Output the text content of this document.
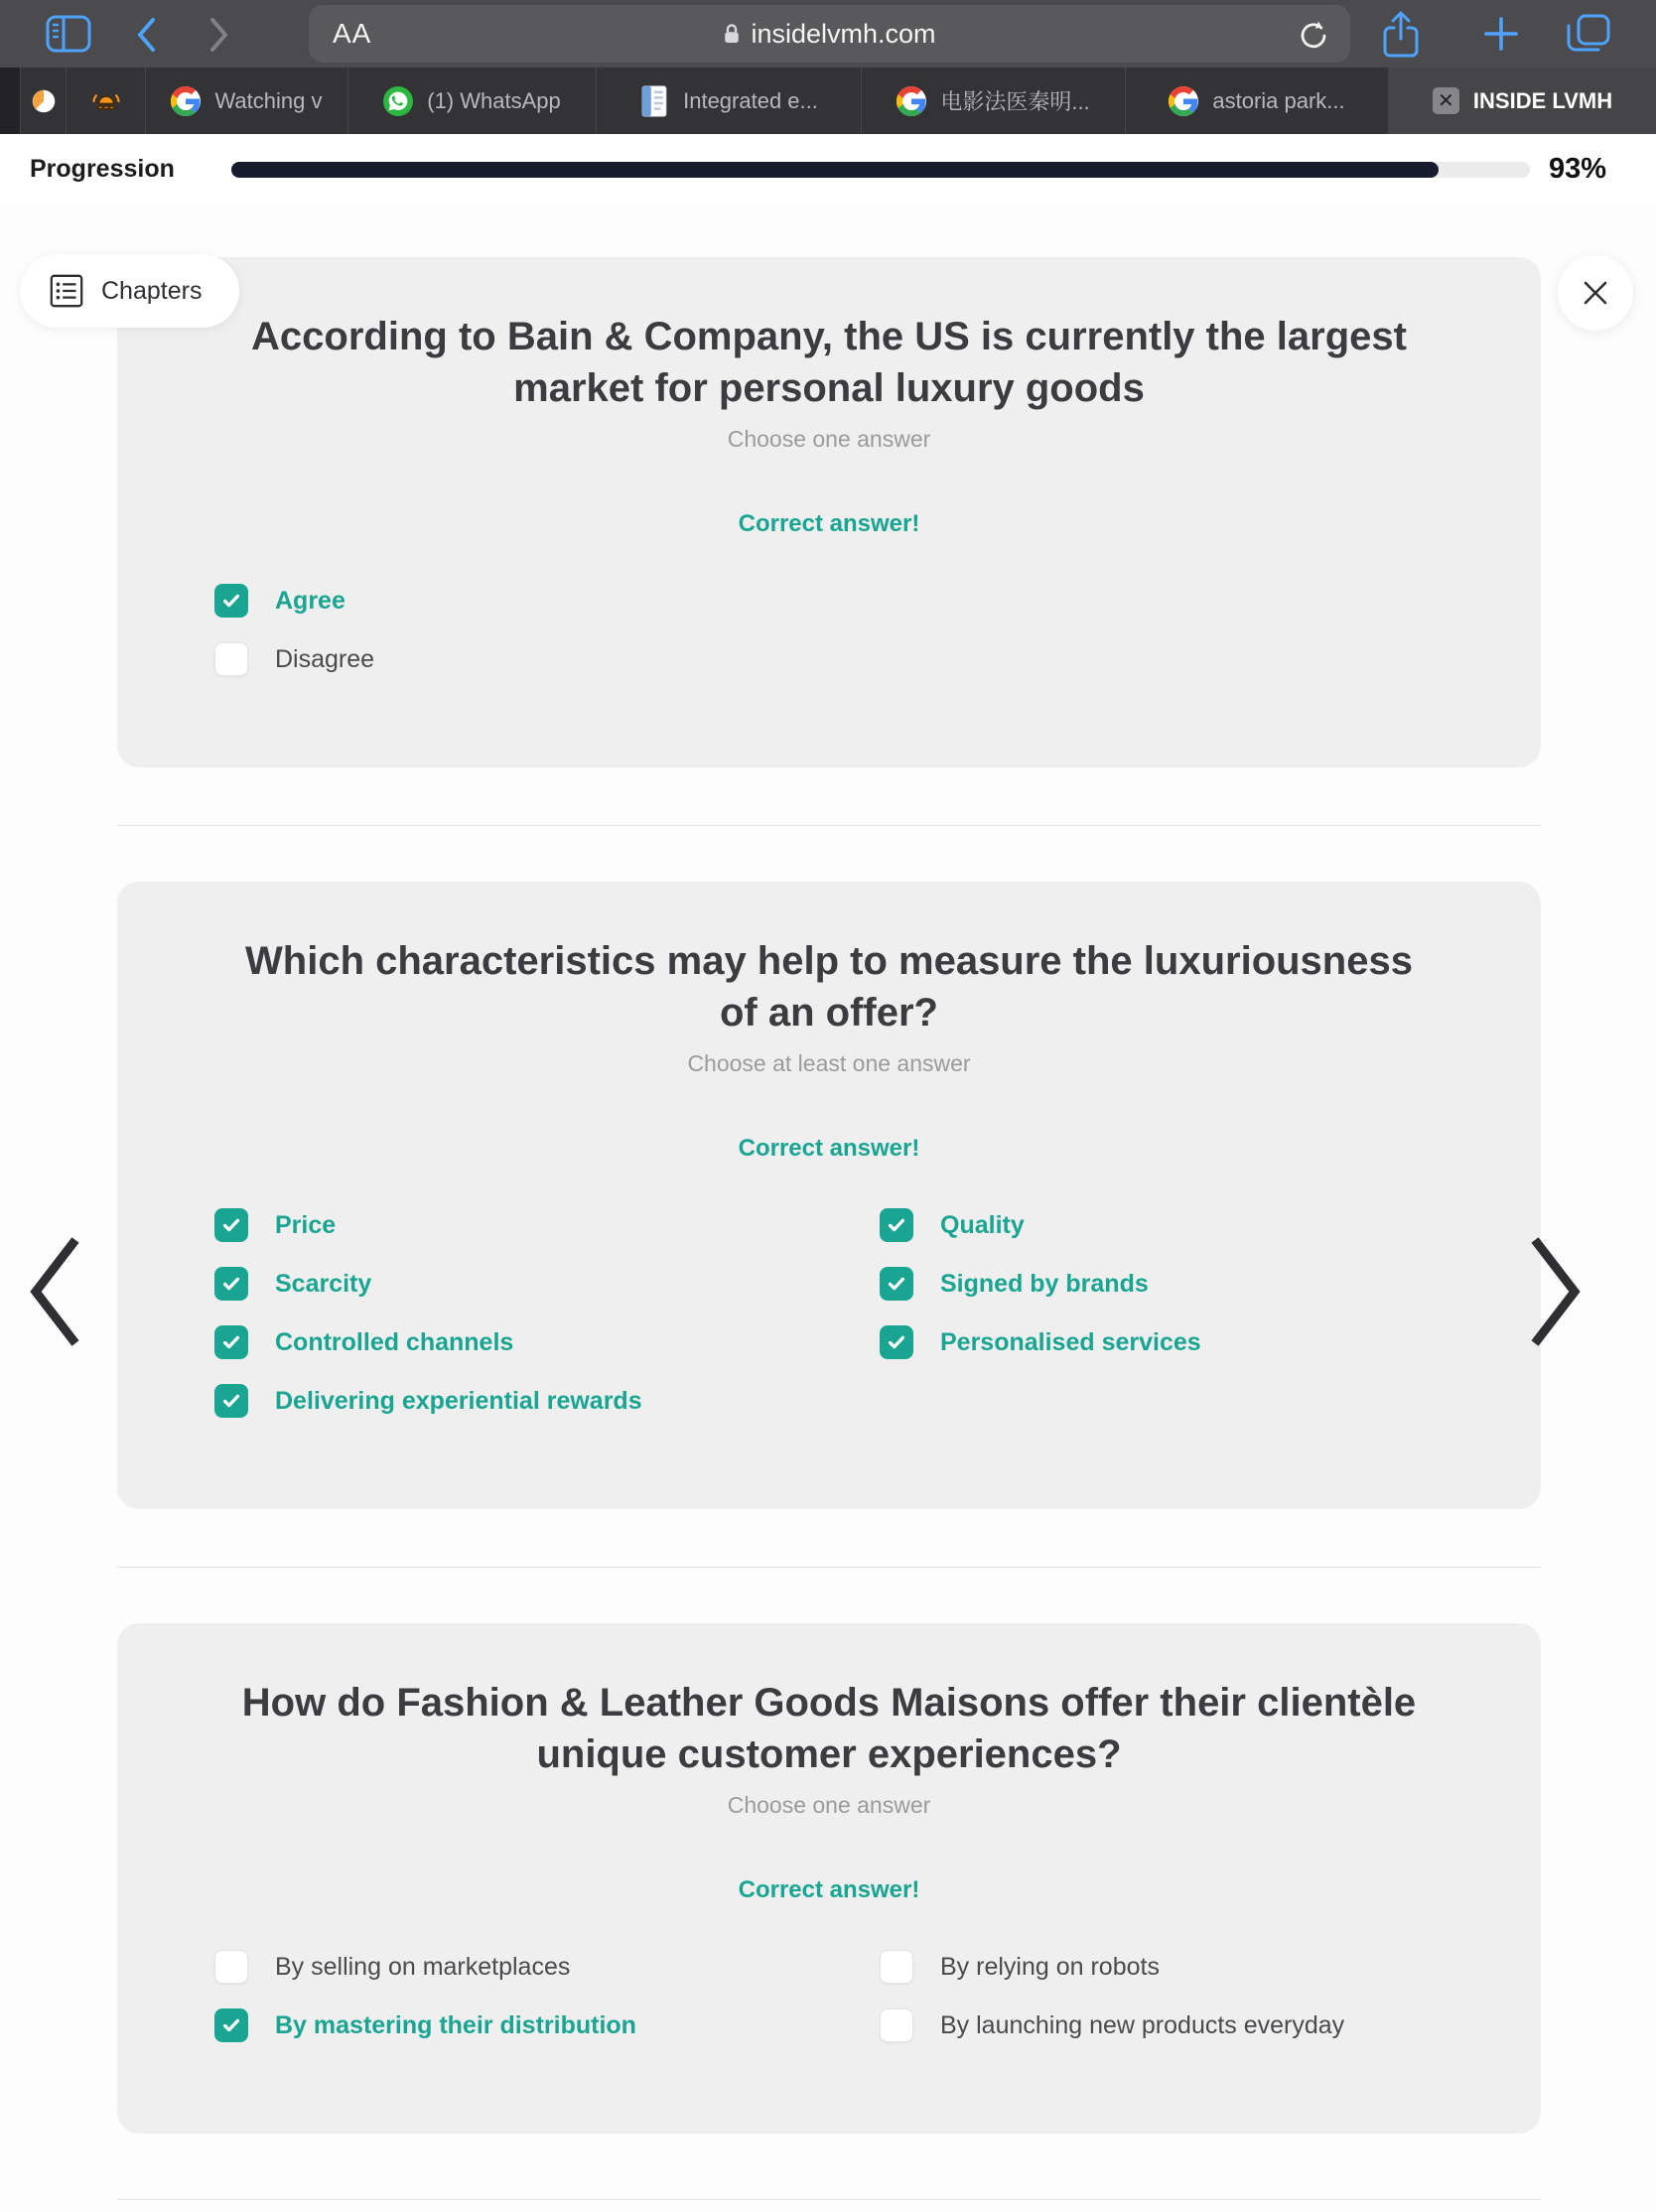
AA	insidelvmh.com
Watching v	(1) WhatsApp	Integrated e...	电影法医秦明...	astoria park...	✕ INSIDE LVMH
Progression	93%
Chapters
According to Bain & Company, the US is currently the largest
market for personal luxury goods
Choose one answer
Correct answer!
Agree
Disagree
Which characteristics may help to measure the luxuriousness
of an offer?
Choose at least one answer
Correct answer!
Price
Scarcity
Controlled channels
Delivering experiential rewards
Quality
Signed by brands
Personalised services
How do Fashion & Leather Goods Maisons offer their clientèle
unique customer experiences?
Choose one answer
Correct answer!
By selling on marketplaces
By mastering their distribution
By relying on robots
By launching new products everyday
